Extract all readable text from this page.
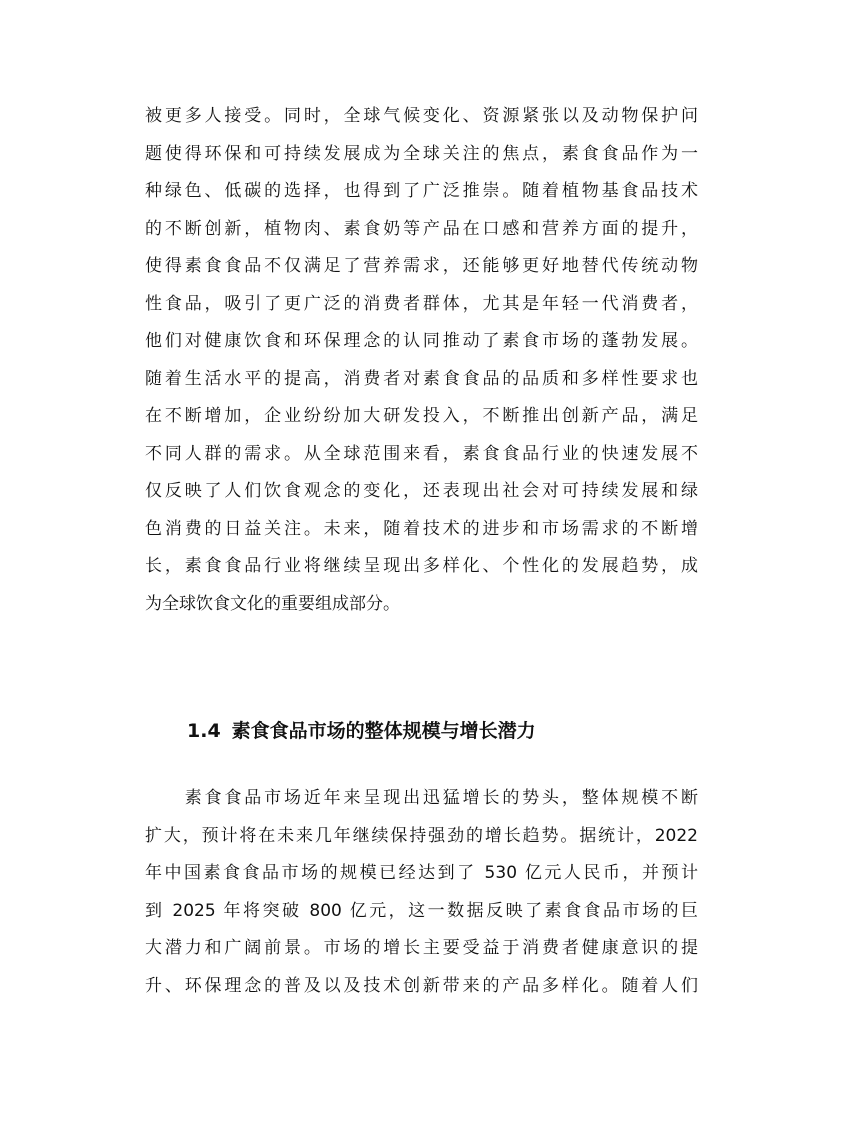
被更多人接受。同时，全球气候变化、资源紧张以及动物保护问
题使得环保和可持续发展成为全球关注的焦点，素食食品作为一
种绿色、低碳的选择，也得到了广泛推崇。随着植物基食品技术
的不断创新，植物肉、素食奶等产品在口感和营养方面的提升，
使得素食食品不仅满足了营养需求，还能够更好地替代传统动物
性食品，吸引了更广泛的消费者群体，尤其是年轻一代消费者，
他们对健康饮食和环保理念的认同推动了素食市场的蓬勃发展。
随着生活水平的提高，消费者对素食食品的品质和多样性要求也
在不断增加，企业纷纷加大研发投入，不断推出创新产品，满足
不同人群的需求。从全球范围来看，素食食品行业的快速发展不
仅反映了人们饮食观念的变化，还表现出社会对可持续发展和绿
色消费的日益关注。未来，随着技术的进步和市场需求的不断增
长，素食食品行业将继续呈现出多样化、个性化的发展趋势，成
为全球饮食文化的重要组成部分。

1.4 素食食品市场的整体规模与增长潜力

　　素食食品市场近年来呈现出迅猛增长的势头，整体规模不断
扩大，预计将在未来几年继续保持强劲的增长趋势。据统计，2022
年中国素食食品市场的规模已经达到了 530 亿元人民币，并预计
到 2025 年将突破 800 亿元，这一数据反映了素食食品市场的巨
大潜力和广阔前景。市场的增长主要受益于消费者健康意识的提
升、环保理念的普及以及技术创新带来的产品多样化。随着人们
